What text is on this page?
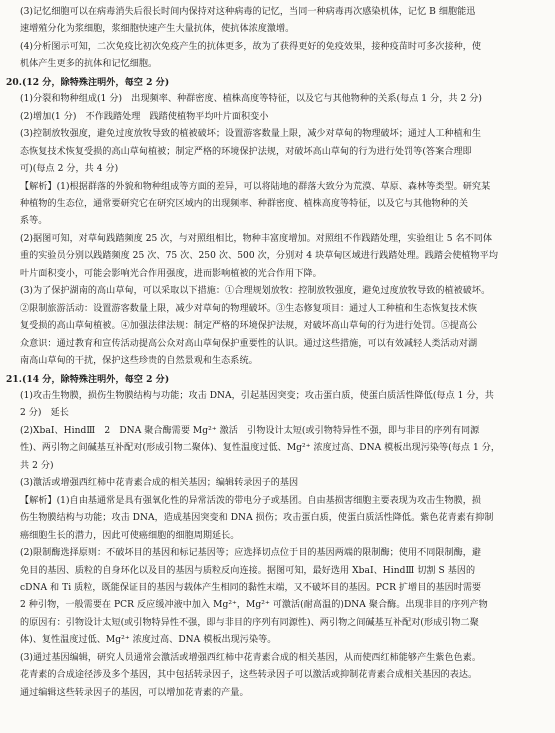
(3)记忆细胞可以在病毒消失后很长时间内保持对这种病毒的记忆，当同一种病毒再次感染机体，记忆 B 细胞能迅
速增殖分化为浆细胞，浆细胞快速产生大量抗体，使抗体浓度激增。
(4)分析图示可知，二次免疫比初次免疫产生的抗体更多，故为了获得更好的免疫效果，接种疫苗时可多次接种，使
机体产生更多的抗体和记忆细胞。
20.(12 分，除特殊注明外，每空 2 分)
(1)分裂和物种组成(1 分)　出现频率、种群密度、植株高度等特征，以及它与其他物种的关系(每点 1 分，共 2 分)
(2)增加(1 分)　不作践踏处理　践踏使植物平均叶片面积变小
(3)控制放牧强度，避免过度放牧导致的植被破坏；设置游客数量上限，减少对草甸的物理破坏；通过人工种植和生
态恢复技术恢复受损的高山草甸植被；制定严格的环境保护法规，对破坏高山草甸的行为进行处罚等(答案合理即
可)(每点 2 分，共 4 分)
【解析】(1)根据群落的外貌和物种组成等方面的差异，可以将陆地的群落大致分为荒漠、草原、森林等类型。研究某
种植物的生态位，通常要研究它在研究区域内的出现频率、种群密度、植株高度等特征，以及它与其他物种的关
系等。
(2)据图可知，对草甸践踏频度 25 次，与对照组相比，物种丰富度增加。对照组不作践踏处理，实验组让 5 名不同体
重的实验员分别以践踏频度 25 次、75 次、250 次、500 次，分别对 4 块草甸区域进行践踏处理。践踏会使植物平均
叶片面积变小，可能会影响光合作用强度，进而影响植被的光合作用下降。
(3)为了保护湖南的高山草甸，可以采取以下措施：①合理规划放牧：控制放牧强度，避免过度放牧导致的植被破坏。
②限制旅游活动：设置游客数量上限，减少对草甸的物理破坏。③生态修复项目：通过人工种植和生态恢复技术恢
复受损的高山草甸植被。④加强法律法规：制定严格的环境保护法规，对破坏高山草甸的行为进行处罚。⑤提高公
众意识：通过教育和宣传活动提高公众对高山草甸保护重要性的认识。通过这些措施，可以有效减轻人类活动对湖
南高山草甸的干扰，保护这些珍贵的自然景观和生态系统。
21.(14 分，除特殊注明外，每空 2 分)
(1)攻击生物膜，损伤生物膜结构与功能；攻击 DNA，引起基因突变；攻击蛋白质，使蛋白质活性降低(每点 1 分，共
2 分)　延长
(2)XbaⅠ、HindⅢ　2　DNA 聚合酶需要 Mg²⁺ 激活　引物设计太短(或引物特异性不强，即与非目的序列有同源
性)、两引物之间碱基互补配对(形成引物二聚体)、复性温度过低、Mg²⁺ 浓度过高、DNA 模板出现污染等(每点 1 分，
共 2 分)
(3)激活或增强西红柿中花青素合成的相关基因；编辑转录因子的基因
【解析】(1)自由基通常是具有强氧化性的异常活泼的带电分子或基团。自由基损害细胞主要表现为攻击生物膜，损
伤生物膜结构与功能；攻击 DNA，造成基因突变和 DNA 损伤；攻击蛋白质，使蛋白质活性降低。紫色花青素有抑制
癌细胞生长的潜力，因此可使癌细胞的细胞周期延长。
(2)限制酶选择原则：不破坏目的基因和标记基因等；应选择切点位于目的基因两端的限制酶；使用不同限制酶，避
免目的基因、质粒的自身环化以及目的基因与质粒反向连接。据图可知，最好选用 XbaⅠ、HindⅢ 切割 S 基因的
cDNA 和 Ti 质粒，既能保证目的基因与载体产生相同的黏性末端，又不破坏目的基因。PCR 扩增目的基因时需要
2 种引物，一般需要在 PCR 反应缓冲液中加入 Mg²⁺，Mg²⁺ 可激活(耐高温的)DNA 聚合酶。出现非目的序列产物
的原因有：引物设计太短(或引物特异性不强，即与非目的序列有同源性)、两引物之间碱基互补配对(形成引物二聚
体)、复性温度过低、Mg²⁺ 浓度过高、DNA 模板出现污染等。
(3)通过基因编辑，研究人员通常会激活或增强西红柿中花青素合成的相关基因，从而使西红柿能够产生紫色色素。
花青素的合成途径涉及多个基因，其中包括转录因子，这些转录因子可以激活或抑制花青素合成相关基因的表达。
通过编辑这些转录因子的基因，可以增加花青素的产量。
